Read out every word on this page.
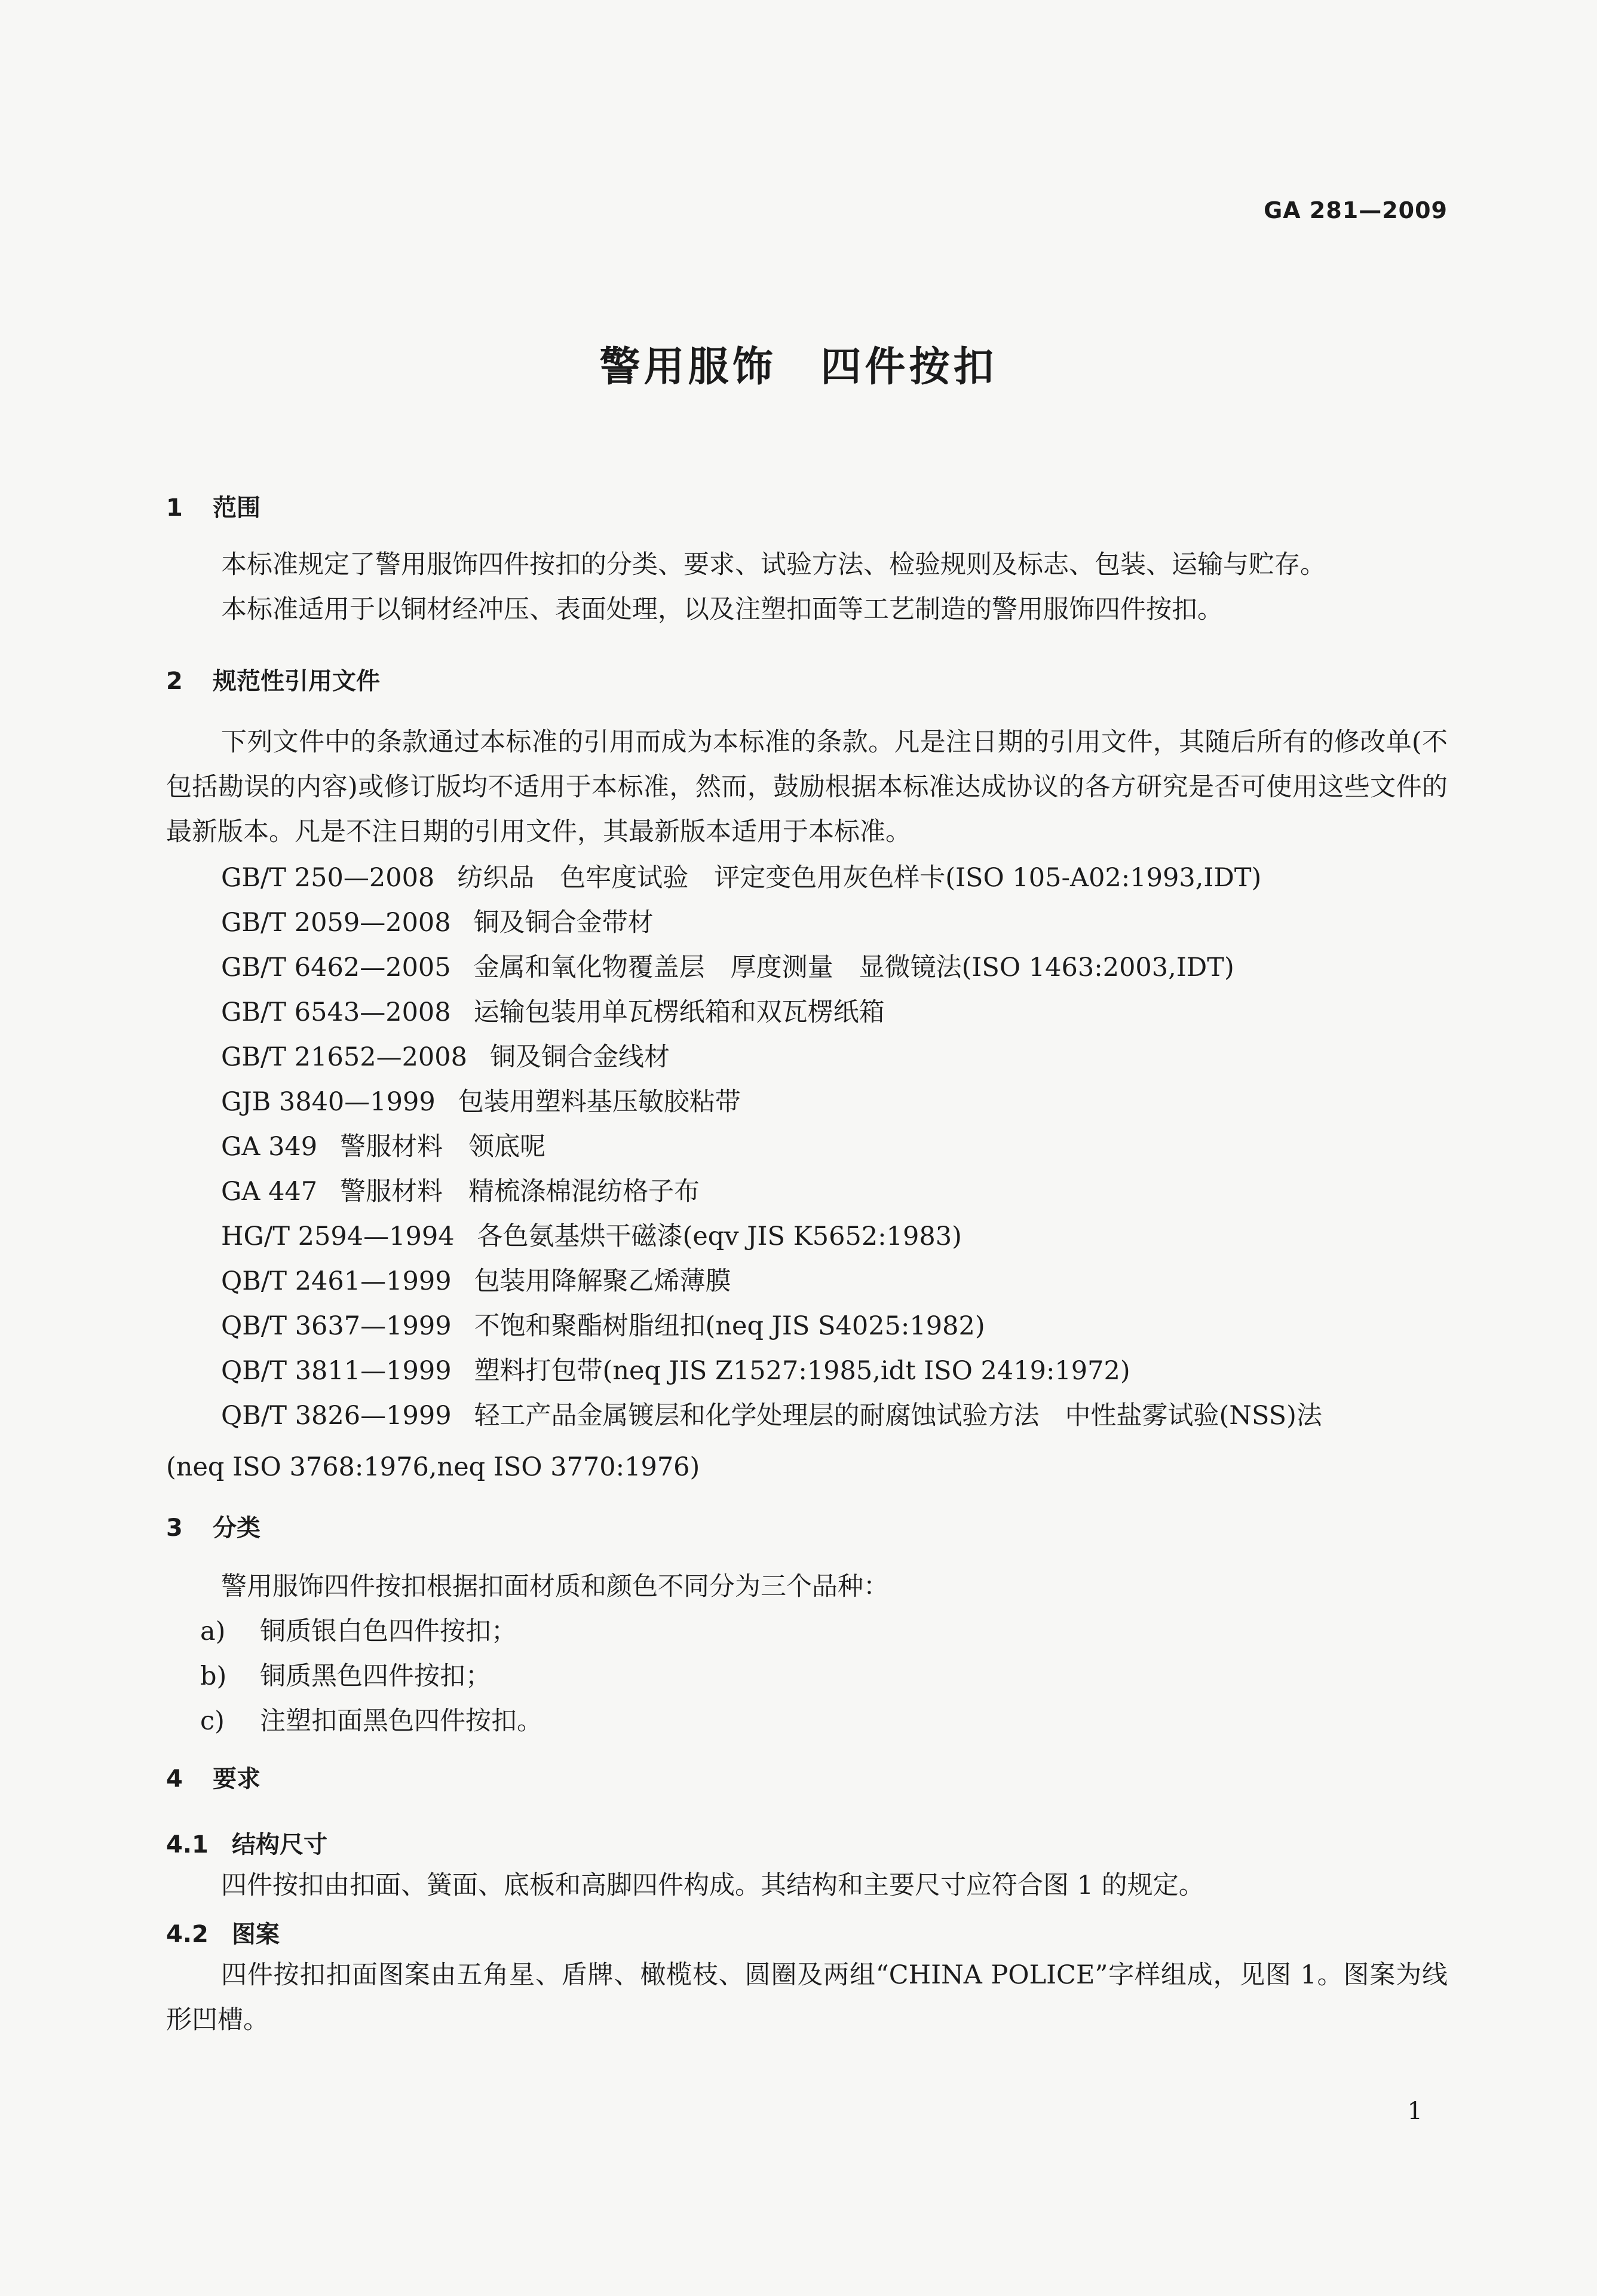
GA 281—2009
警用服饰　四件按扣
1 范围
本标准规定了警用服饰四件按扣的分类、要求、试验方法、检验规则及标志、包装、运输与贮存。
本标准适用于以铜材经冲压、表面处理，以及注塑扣面等工艺制造的警用服饰四件按扣。
2 规范性引用文件
下列文件中的条款通过本标准的引用而成为本标准的条款。凡是注日期的引用文件，其随后所有的修改单(不包括勘误的内容)或修订版均不适用于本标准，然而，鼓励根据本标准达成协议的各方研究是否可使用这些文件的最新版本。凡是不注日期的引用文件，其最新版本适用于本标准。
GB/T 250—2008 纺织品　色牢度试验　评定变色用灰色样卡(ISO 105-A02:1993,IDT)
GB/T 2059—2008 铜及铜合金带材
GB/T 6462—2005 金属和氧化物覆盖层　厚度测量　显微镜法(ISO 1463:2003,IDT)
GB/T 6543—2008 运输包装用单瓦楞纸箱和双瓦楞纸箱
GB/T 21652—2008 铜及铜合金线材
GJB 3840—1999 包装用塑料基压敏胶粘带
GA 349 警服材料　领底呢
GA 447 警服材料　精梳涤棉混纺格子布
HG/T 2594—1994 各色氨基烘干磁漆(eqv JIS K5652:1983)
QB/T 2461—1999 包装用降解聚乙烯薄膜
QB/T 3637—1999 不饱和聚酯树脂纽扣(neq JIS S4025:1982)
QB/T 3811—1999 塑料打包带(neq JIS Z1527:1985,idt ISO 2419:1972)
QB/T 3826—1999 轻工产品金属镀层和化学处理层的耐腐蚀试验方法　中性盐雾试验(NSS)法
(neq ISO 3768:1976,neq ISO 3770:1976)
3 分类
警用服饰四件按扣根据扣面材质和颜色不同分为三个品种：
a) 铜质银白色四件按扣；
b) 铜质黑色四件按扣；
c) 注塑扣面黑色四件按扣。
4 要求
4.1 结构尺寸
四件按扣由扣面、簧面、底板和高脚四件构成。其结构和主要尺寸应符合图 1 的规定。
4.2 图案
四件按扣扣面图案由五角星、盾牌、橄榄枝、圆圈及两组“CHINA POLICE”字样组成，见图 1。图案为线形凹槽。
1
